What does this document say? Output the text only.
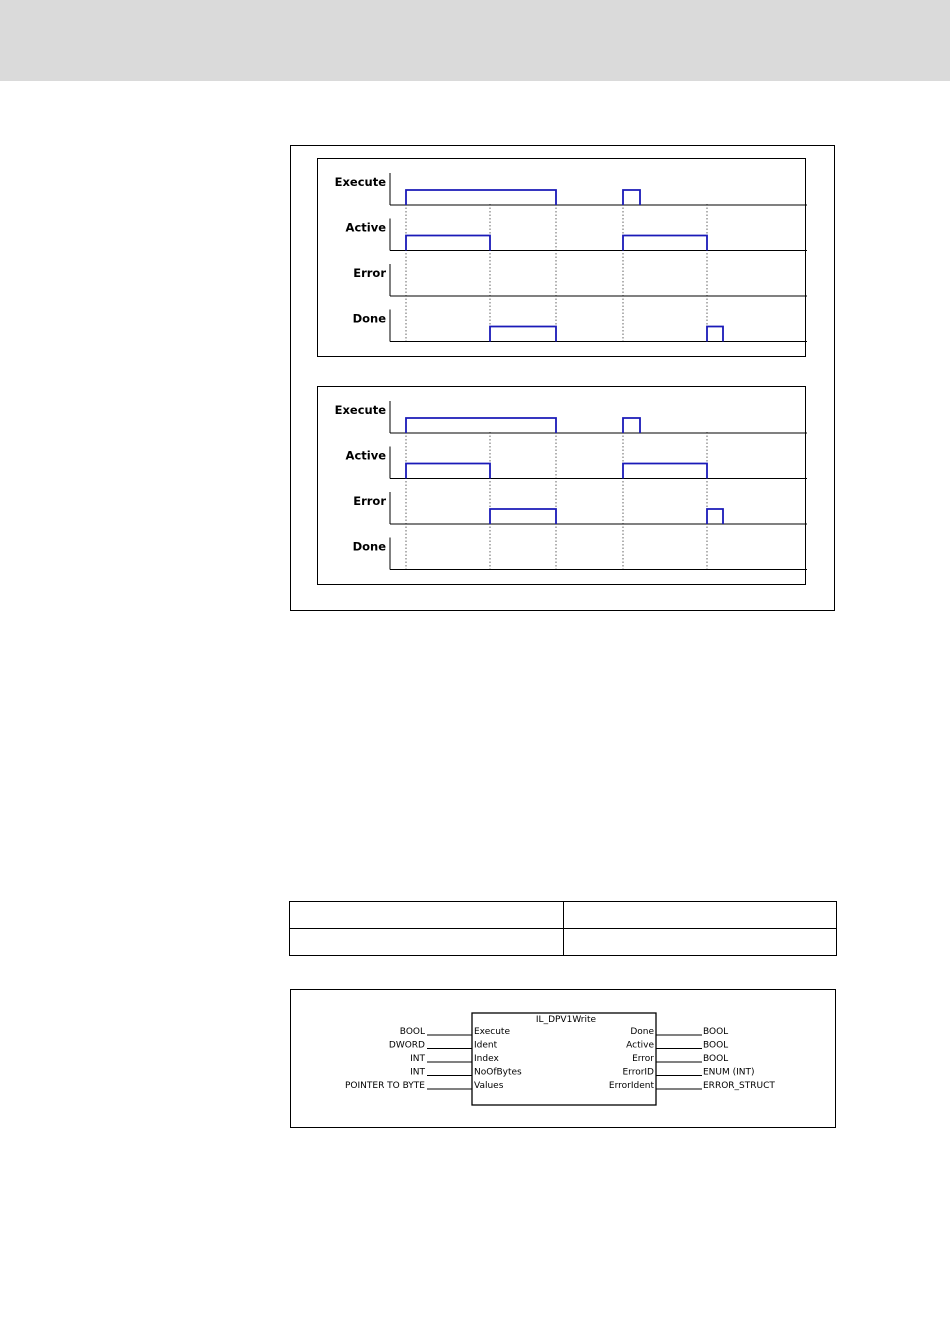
Execute
Active
Error
Done
Execute
Active
Error
Done

IL_DPV1Write
BOOL	Execute
DWORD	Ident
INT	Index
INT	NoOfBytes
POINTER TO BYTE	Values
Done	BOOL
Active	BOOL
Error	BOOL
ErrorID	ENUM (INT)
ErrorIdent	ERROR_STRUCT
